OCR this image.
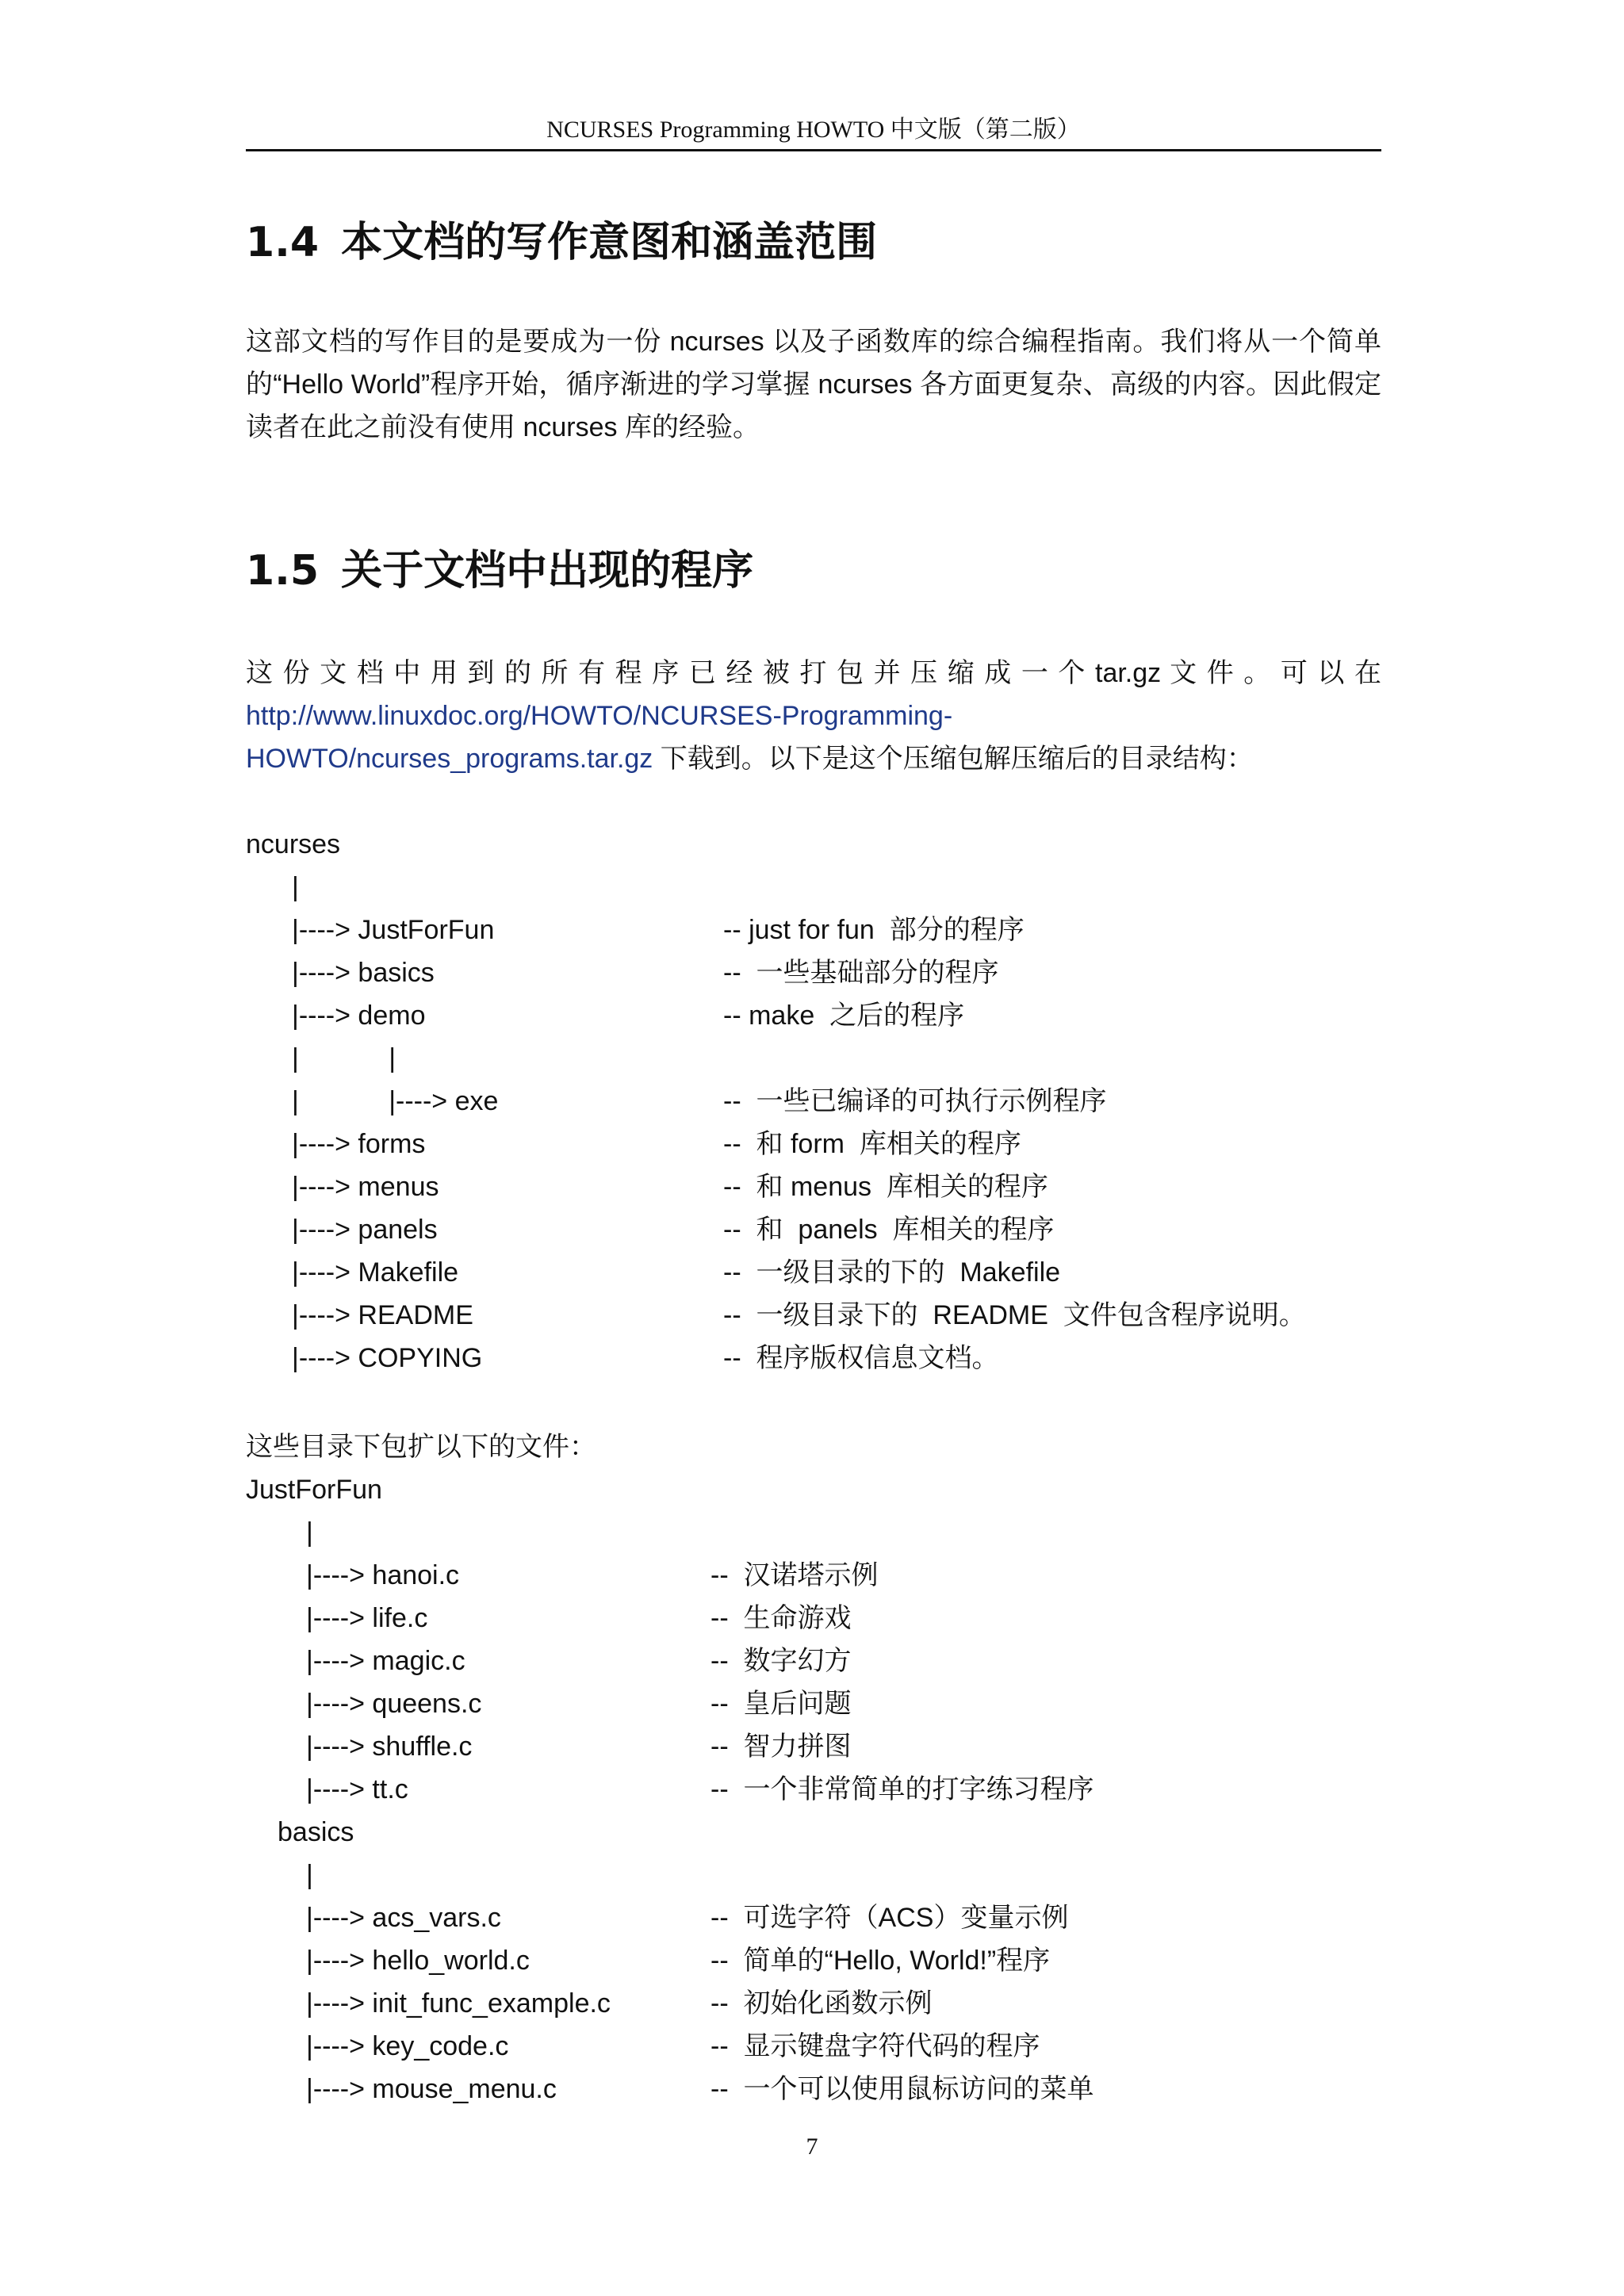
NCURSES Programming HOWTO 中文版（第二版）
1.4 本文档的写作意图和涵盖范围

这部文档的写作目的是要成为一份 ncurses 以及子函数库的综合编程指南。我们将从一个简单的“Hello World”程序开始，循序渐进的学习掌握 ncurses 各方面更复杂、高级的内容。因此假定读者在此之前没有使用 ncurses 库的经验。

1.5 关于文档中出现的程序

这 份 文 档 中 用 到 的 所 有 程 序 已 经 被 打 包 并 压 缩 成 一 个 tar.gz 文 件 。 可 以 在

http://www.linuxdoc.org/HOWTO/NCURSES-Programming-

HOWTO/ncurses_programs.tar.gz 下载到。以下是这个压缩包解压缩后的目录结构：

ncurses
|
|----> JustForFun	-- just for fun  部分的程序
|----> basics	--  一些基础部分的程序
|----> demo	-- make  之后的程序
|            |
|            |----> exe	--  一些已编译的可执行示例程序
|----> forms	--  和 form  库相关的程序
|----> menus	--  和 menus  库相关的程序
|----> panels	--  和  panels  库相关的程序
|----> Makefile	--  一级目录的下的  Makefile
|----> README	--  一级目录下的  README  文件包含程序说明。
|----> COPYING	--  程序版权信息文档。

这些目录下包扩以下的文件：

JustForFun
|
|----> hanoi.c	--  汉诺塔示例
|----> life.c	--  生命游戏
|----> magic.c	--  数字幻方
|----> queens.c	--  皇后问题
|----> shuffle.c	--  智力拼图
|----> tt.c	--  一个非常简单的打字练习程序
basics
|
|----> acs_vars.c	--  可选字符（ACS）变量示例
|----> hello_world.c	--  简单的“Hello, World!”程序
|----> init_func_example.c	--  初始化函数示例
|----> key_code.c	--  显示键盘字符代码的程序
|----> mouse_menu.c	--  一个可以使用鼠标访问的菜单
7
